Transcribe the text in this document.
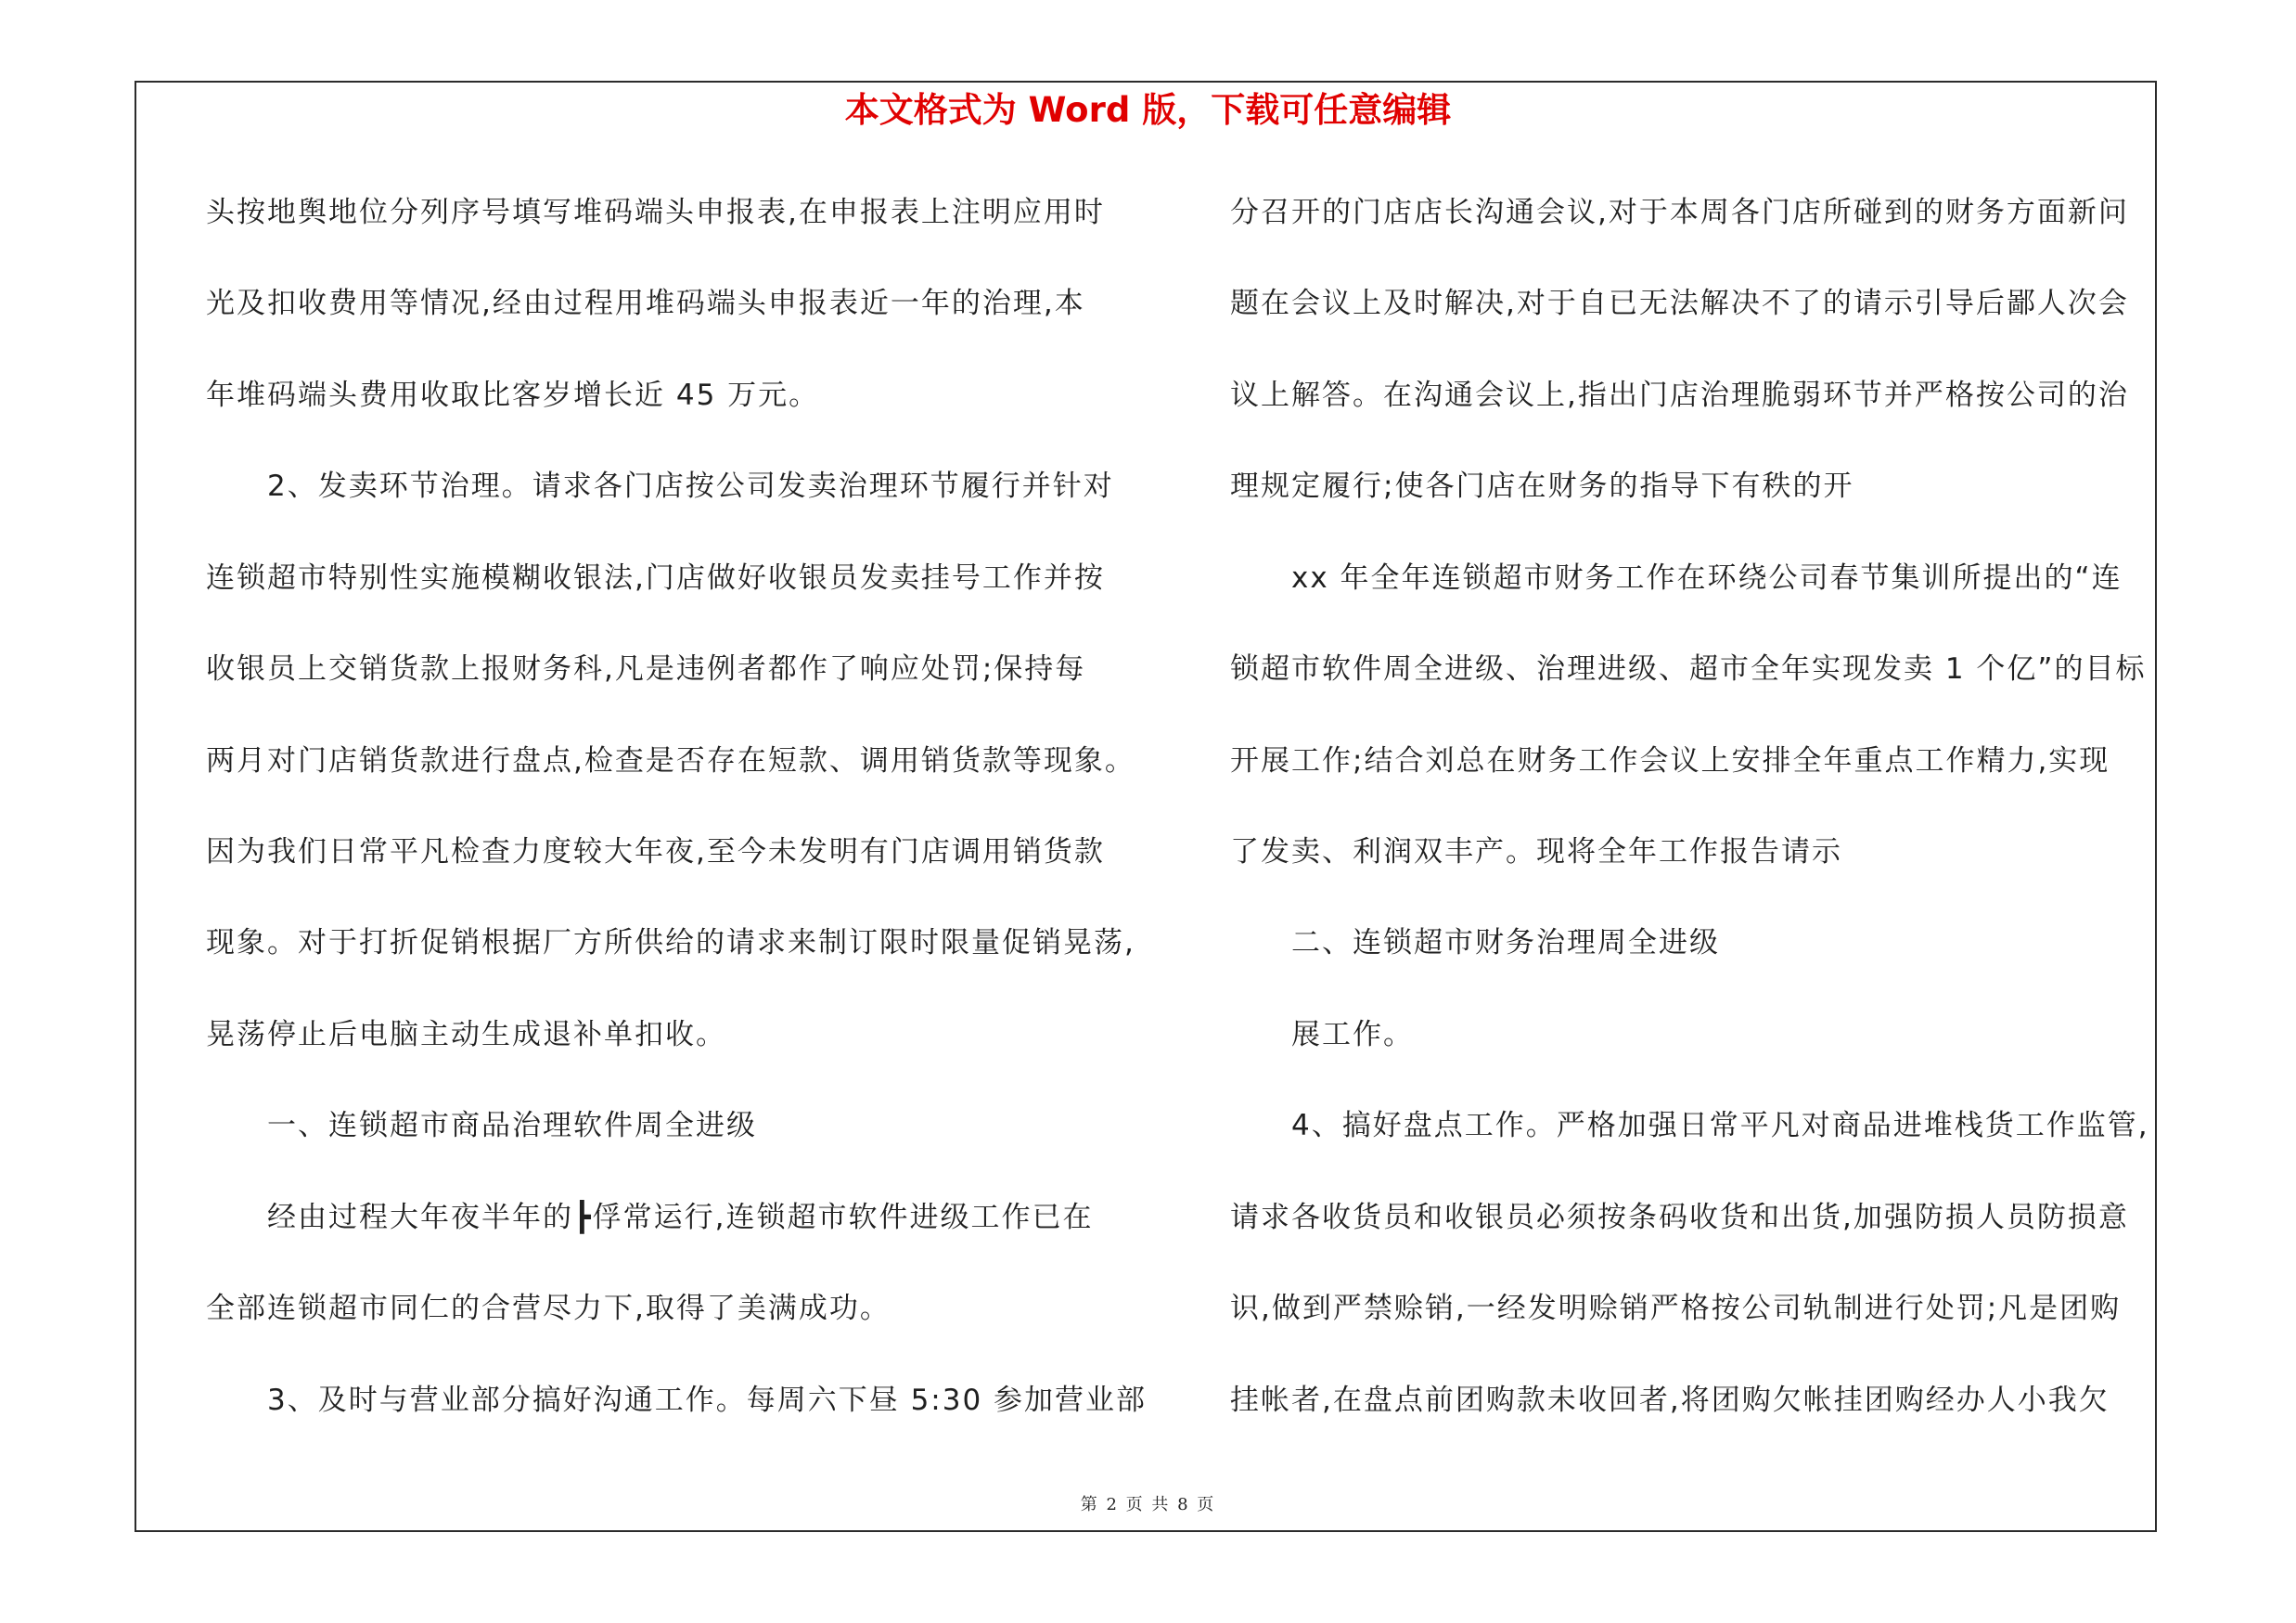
本文格式为 Word 版，下载可任意编辑
头按地舆地位分列序号填写堆码端头申报表,在申报表上注明应用时
光及扣收费用等情况,经由过程用堆码端头申报表近一年的治理,本
年堆码端头费用收取比客岁增长近 45 万元。
2、发卖环节治理。请求各门店按公司发卖治理环节履行并针对
连锁超市特别性实施模糊收银法,门店做好收银员发卖挂号工作并按
收银员上交销货款上报财务科,凡是违例者都作了响应处罚;保持每
两月对门店销货款进行盘点,检查是否存在短款、调用销货款等现象。
因为我们日常平凡检查力度较大年夜,至今未发明有门店调用销货款
现象。对于打折促销根据厂方所供给的请求来制订限时限量促销晃荡,
晃荡停止后电脑主动生成退补单扣收。
一、连锁超市商品治理软件周全进级
经由过程大年夜半年的┣俘常运行,连锁超市软件进级工作已在
全部连锁超市同仁的合营尽力下,取得了美满成功。
3、及时与营业部分搞好沟通工作。每周六下昼 5:30 参加营业部
分召开的门店店长沟通会议,对于本周各门店所碰到的财务方面新问
题在会议上及时解决,对于自已无法解决不了的请示引导后鄙人次会
议上解答。在沟通会议上,指出门店治理脆弱环节并严格按公司的治
理规定履行;使各门店在财务的指导下有秩的开
xx 年全年连锁超市财务工作在环绕公司春节集训所提出的“连
锁超市软件周全进级、治理进级、超市全年实现发卖 1 个亿”的目标
开展工作;结合刘总在财务工作会议上安排全年重点工作精力,实现
了发卖、利润双丰产。现将全年工作报告请示
二、连锁超市财务治理周全进级
展工作。
4、搞好盘点工作。严格加强日常平凡对商品进堆栈货工作监管,
请求各收货员和收银员必须按条码收货和出货,加强防损人员防损意
识,做到严禁赊销,一经发明赊销严格按公司轨制进行处罚;凡是团购
挂帐者,在盘点前团购款未收回者,将团购欠帐挂团购经办人小我欠
第 2 页 共 8 页
